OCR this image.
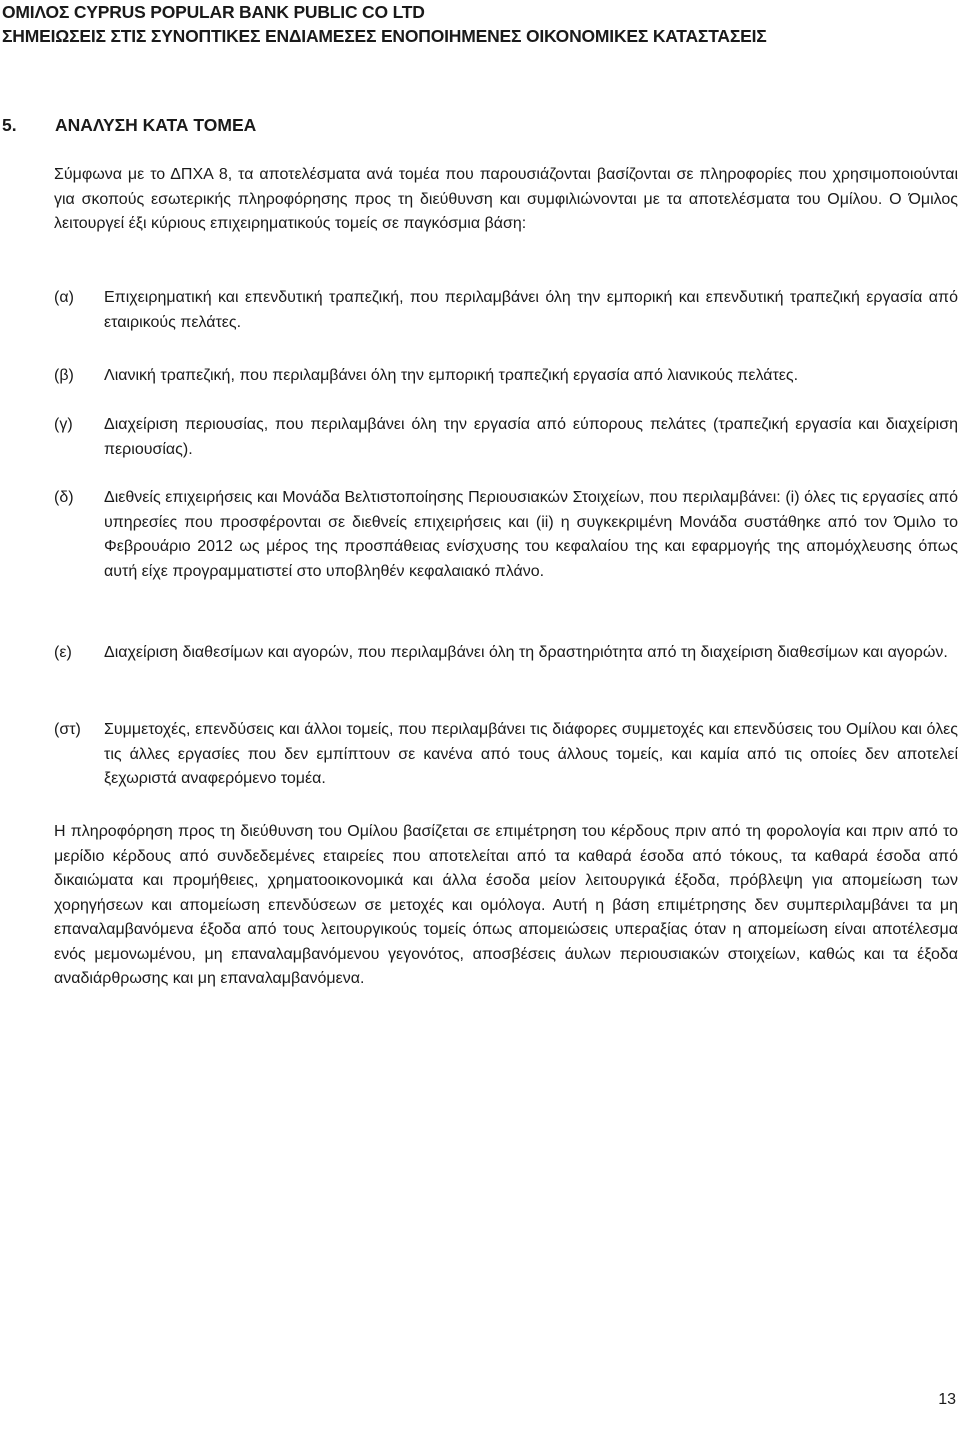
ΟΜΙΛΟΣ CYPRUS POPULAR BANK PUBLIC CO LTD
ΣΗΜΕΙΩΣΕΙΣ ΣΤΙΣ ΣΥΝΟΠΤΙΚΕΣ ΕΝΔΙΑΜΕΣΕΣ ΕΝΟΠΟΙΗΜΕΝΕΣ ΟΙΚΟΝΟΜΙΚΕΣ ΚΑΤΑΣΤΑΣΕΙΣ
5. ΑΝΑΛΥΣΗ ΚΑΤΑ ΤΟΜΕΑ

Σύμφωνα με το ΔΠΧΑ 8, τα αποτελέσματα ανά τομέα που παρουσιάζονται βασίζονται σε πληροφορίες που χρησιμοποιούνται για σκοπούς εσωτερικής πληροφόρησης προς τη διεύθυνση και συμφιλιώνονται με τα αποτελέσματα του Ομίλου. Ο Όμιλος λειτουργεί έξι κύριους επιχειρηματικούς τομείς σε παγκόσμια βάση:

(α) Επιχειρηματική και επενδυτική τραπεζική, που περιλαμβάνει όλη την εμπορική και επενδυτική τραπεζική εργασία από εταιρικούς πελάτες.

(β) Λιανική τραπεζική, που περιλαμβάνει όλη την εμπορική τραπεζική εργασία από λιανικούς πελάτες.

(γ) Διαχείριση περιουσίας, που περιλαμβάνει όλη την εργασία από εύπορους πελάτες (τραπεζική εργασία και διαχείριση περιουσίας).

(δ) Διεθνείς επιχειρήσεις και Μονάδα Βελτιστοποίησης Περιουσιακών Στοιχείων, που περιλαμβάνει: (i) όλες τις εργασίες από υπηρεσίες που προσφέρονται σε διεθνείς επιχειρήσεις και (ii) η συγκεκριμένη Μονάδα συστάθηκε από τον Όμιλο το Φεβρουάριο 2012 ως μέρος της προσπάθειας ενίσχυσης του κεφαλαίου της και εφαρμογής της απομόχλευσης όπως αυτή είχε προγραμματιστεί στο υποβληθέν κεφαλαιακό πλάνο.

(ε) Διαχείριση διαθεσίμων και αγορών, που περιλαμβάνει όλη τη δραστηριότητα από τη διαχείριση διαθεσίμων και αγορών.

(στ) Συμμετοχές, επενδύσεις και άλλοι τομείς, που περιλαμβάνει τις διάφορες συμμετοχές και επενδύσεις του Ομίλου και όλες τις άλλες εργασίες που δεν εμπίπτουν σε κανένα από τους άλλους τομείς, και καμία από τις οποίες δεν αποτελεί ξεχωριστά αναφερόμενο τομέα.

Η πληροφόρηση προς τη διεύθυνση του Ομίλου βασίζεται σε επιμέτρηση του κέρδους πριν από τη φορολογία και πριν από το μερίδιο κέρδους από συνδεδεμένες εταιρείες που αποτελείται από τα καθαρά έσοδα από τόκους, τα καθαρά έσοδα από δικαιώματα και προμήθειες, χρηματοοικονομικά και άλλα έσοδα μείον λειτουργικά έξοδα, πρόβλεψη για απομείωση των χορηγήσεων και απομείωση επενδύσεων σε μετοχές και ομόλογα. Αυτή η βάση επιμέτρησης δεν συμπεριλαμβάνει τα μη επαναλαμβανόμενα έξοδα από τους λειτουργικούς τομείς όπως απομειώσεις υπεραξίας όταν η απομείωση είναι αποτέλεσμα ενός μεμονωμένου, μη επαναλαμβανόμενου γεγονότος, αποσβέσεις άυλων περιουσιακών στοιχείων, καθώς και τα έξοδα αναδιάρθρωσης και μη επαναλαμβανόμενα.

13
